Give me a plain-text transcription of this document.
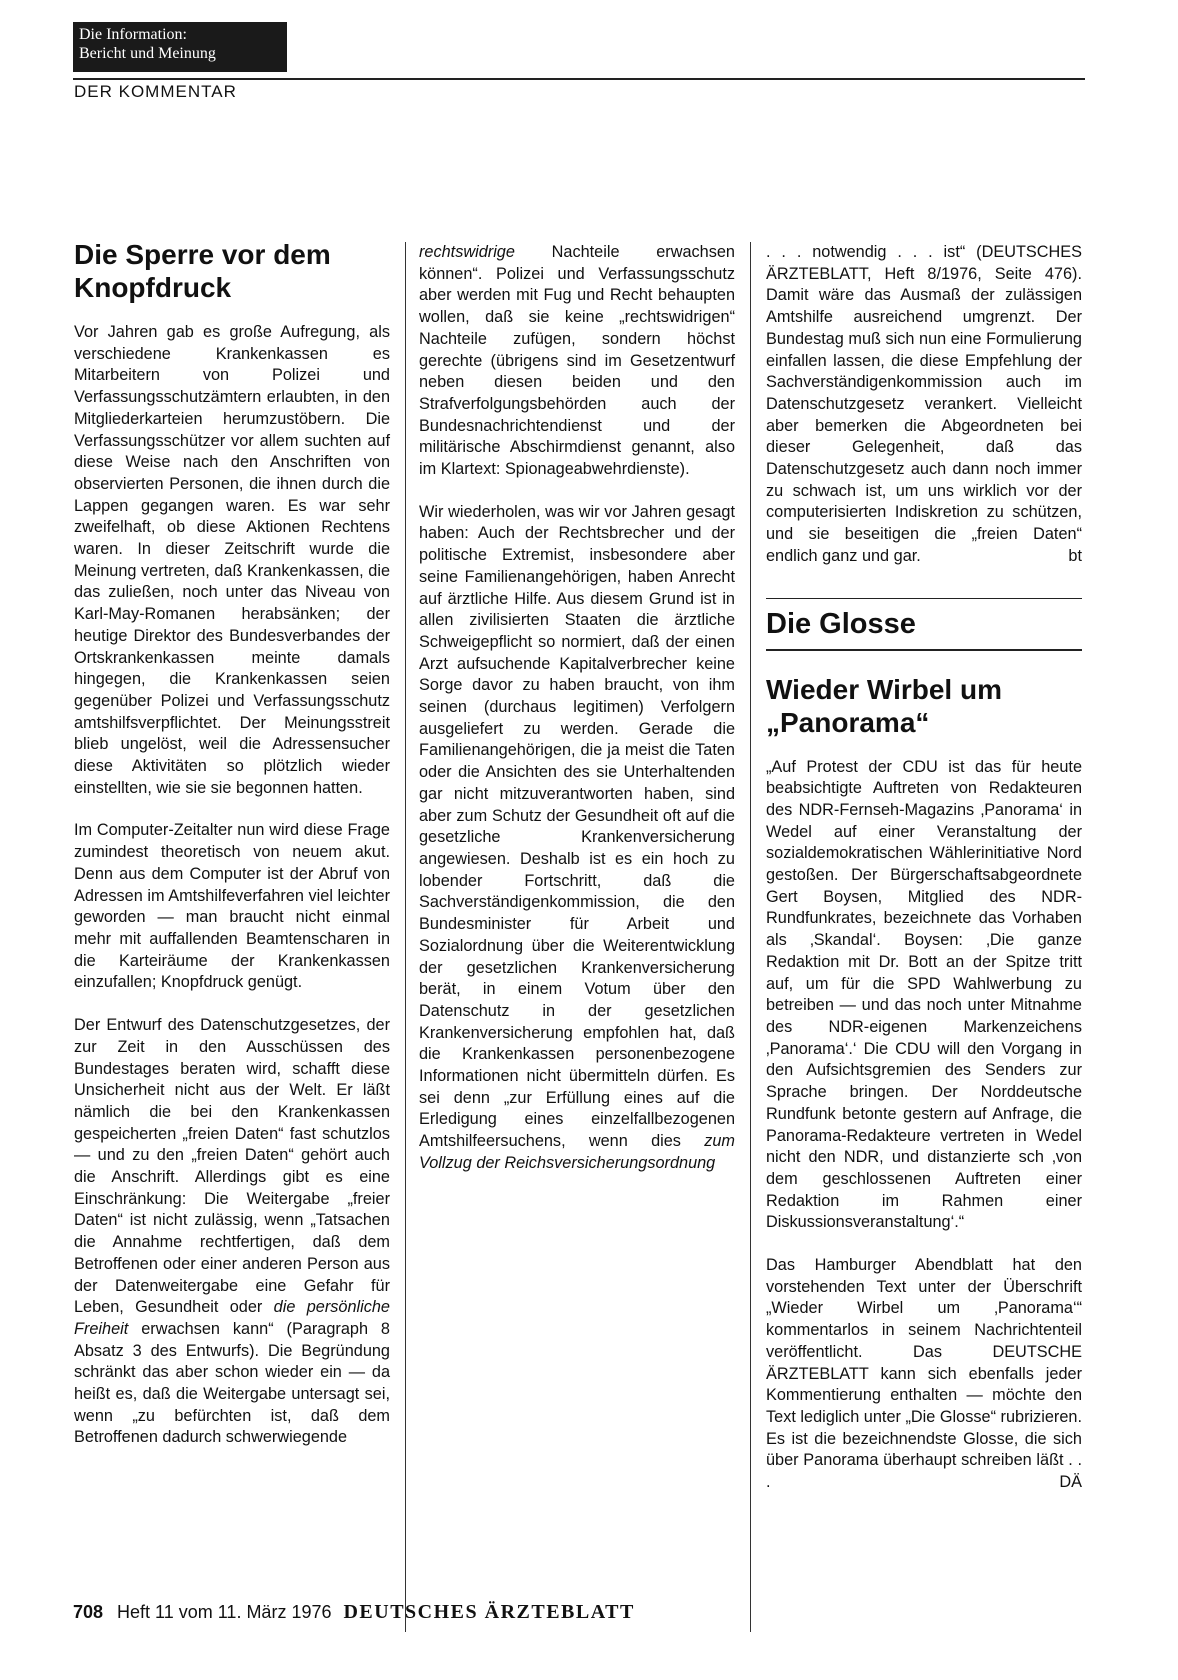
Die Information:
Bericht und Meinung
DER KOMMENTAR
Die Sperre vor dem Knopfdruck

Vor Jahren gab es große Aufregung, als verschiedene Krankenkassen es Mitarbeitern von Polizei und Verfassungsschutzämtern erlaubten, in den Mitgliederkarteien herumzustöbern. Die Verfassungsschützer vor allem suchten auf diese Weise nach den Anschriften von observierten Personen, die ihnen durch die Lappen gegangen waren. Es war sehr zweifelhaft, ob diese Aktionen Rechtens waren. In dieser Zeitschrift wurde die Meinung vertreten, daß Krankenkassen, die das zuließen, noch unter das Niveau von Karl-May-Romanen herabsänken; der heutige Direktor des Bundesverbandes der Ortskrankenkassen meinte damals hingegen, die Krankenkassen seien gegenüber Polizei und Verfassungsschutz amtshilfsverpflichtet. Der Meinungsstreit blieb ungelöst, weil die Adressensucher diese Aktivitäten so plötzlich wieder einstellten, wie sie sie begonnen hatten.

Im Computer-Zeitalter nun wird diese Frage zumindest theoretisch von neuem akut. Denn aus dem Computer ist der Abruf von Adressen im Amtshilfeverfahren viel leichter geworden — man braucht nicht einmal mehr mit auffallenden Beamtenscharen in die Karteiräume der Krankenkassen einzufallen; Knopfdruck genügt.

Der Entwurf des Datenschutzgesetzes, der zur Zeit in den Ausschüssen des Bundestages beraten wird, schafft diese Unsicherheit nicht aus der Welt. Er läßt nämlich die bei den Krankenkassen gespeicherten „freien Daten“ fast schutzlos — und zu den „freien Daten“ gehört auch die Anschrift. Allerdings gibt es eine Einschränkung: Die Weitergabe „freier Daten“ ist nicht zulässig, wenn „Tatsachen die Annahme rechtfertigen, daß dem Betroffenen oder einer anderen Person aus der Datenweitergabe eine Gefahr für Leben, Gesundheit oder die persönliche Freiheit erwachsen kann“ (Paragraph 8 Absatz 3 des Entwurfs). Die Begründung schränkt das aber schon wieder ein — da heißt es, daß die Weitergabe untersagt sei, wenn „zu befürchten ist, daß dem Betroffenen dadurch schwerwiegende

rechtswidrige Nachteile erwachsen können“. Polizei und Verfassungsschutz aber werden mit Fug und Recht behaupten wollen, daß sie keine „rechtswidrigen“ Nachteile zufügen, sondern höchst gerechte (übrigens sind im Gesetzentwurf neben diesen beiden und den Strafverfolgungsbehörden auch der Bundesnachrichtendienst und der militärische Abschirmdienst genannt, also im Klartext: Spionageabwehrdienste).

Wir wiederholen, was wir vor Jahren gesagt haben: Auch der Rechtsbrecher und der politische Extremist, insbesondere aber seine Familienangehörigen, haben Anrecht auf ärztliche Hilfe. Aus diesem Grund ist in allen zivilisierten Staaten die ärztliche Schweigepflicht so normiert, daß der einen Arzt aufsuchende Kapitalverbrecher keine Sorge davor zu haben braucht, von ihm seinen (durchaus legitimen) Verfolgern ausgeliefert zu werden. Gerade die Familienangehörigen, die ja meist die Taten oder die Ansichten des sie Unterhaltenden gar nicht mitzuverantworten haben, sind aber zum Schutz der Gesundheit oft auf die gesetzliche Krankenversicherung angewiesen. Deshalb ist es ein hoch zu lobender Fortschritt, daß die Sachverständigenkommission, die den Bundesminister für Arbeit und Sozialordnung über die Weiterentwicklung der gesetzlichen Krankenversicherung berät, in einem Votum über den Datenschutz in der gesetzlichen Krankenversicherung empfohlen hat, daß die Krankenkassen personenbezogene Informationen nicht übermitteln dürfen. Es sei denn „zur Erfüllung eines auf die Erledigung eines einzelfallbezogenen Amtshilfeersuchens, wenn dies zum Vollzug der Reichsversicherungsordnung

. . . notwendig . . . ist“ (DEUTSCHES ÄRZTEBLATT, Heft 8/1976, Seite 476). Damit wäre das Ausmaß der zulässigen Amtshilfe ausreichend umgrenzt. Der Bundestag muß sich nun eine Formulierung einfallen lassen, die diese Empfehlung der Sachverständigenkommission auch im Datenschutzgesetz verankert. Vielleicht aber bemerken die Abgeordneten bei dieser Gelegenheit, daß das Datenschutzgesetz auch dann noch immer zu schwach ist, um uns wirklich vor der computerisierten Indiskretion zu schützen, und sie beseitigen die „freien Daten“ endlich ganz und gar.	bt

Die Glosse
Wieder Wirbel um „Panorama“

„Auf Protest der CDU ist das für heute beabsichtigte Auftreten von Redakteuren des NDR-Fernseh-Magazins ‚Panorama‘ in Wedel auf einer Veranstaltung der sozialdemokratischen Wählerinitiative Nord gestoßen. Der Bürgerschaftsabgeordnete Gert Boysen, Mitglied des NDR-Rundfunkrates, bezeichnete das Vorhaben als ‚Skandal‘. Boysen: ‚Die ganze Redaktion mit Dr. Bott an der Spitze tritt auf, um für die SPD Wahlwerbung zu betreiben — und das noch unter Mitnahme des NDR-eigenen Markenzeichens ‚Panorama‘.‘ Die CDU will den Vorgang in den Aufsichtsgremien des Senders zur Sprache bringen. Der Norddeutsche Rundfunk betonte gestern auf Anfrage, die Panorama-Redakteure vertreten in Wedel nicht den NDR, und distanzierte sch ‚von dem geschlossenen Auftreten einer Redaktion im Rahmen einer Diskussionsveranstaltung‘.“

Das Hamburger Abendblatt hat den vorstehenden Text unter der Überschrift „Wieder Wirbel um ‚Panorama‘“ kommentarlos in seinem Nachrichtenteil veröffentlicht. Das DEUTSCHE ÄRZTEBLATT kann sich ebenfalls jeder Kommentierung enthalten — möchte den Text lediglich unter „Die Glosse“ rubrizieren. Es ist die bezeichnendste Glosse, die sich über Panorama überhaupt schreiben läßt . . .	DÄ

708 Heft 11 vom 11. März 1976 DEUTSCHES ÄRZTEBLATT
